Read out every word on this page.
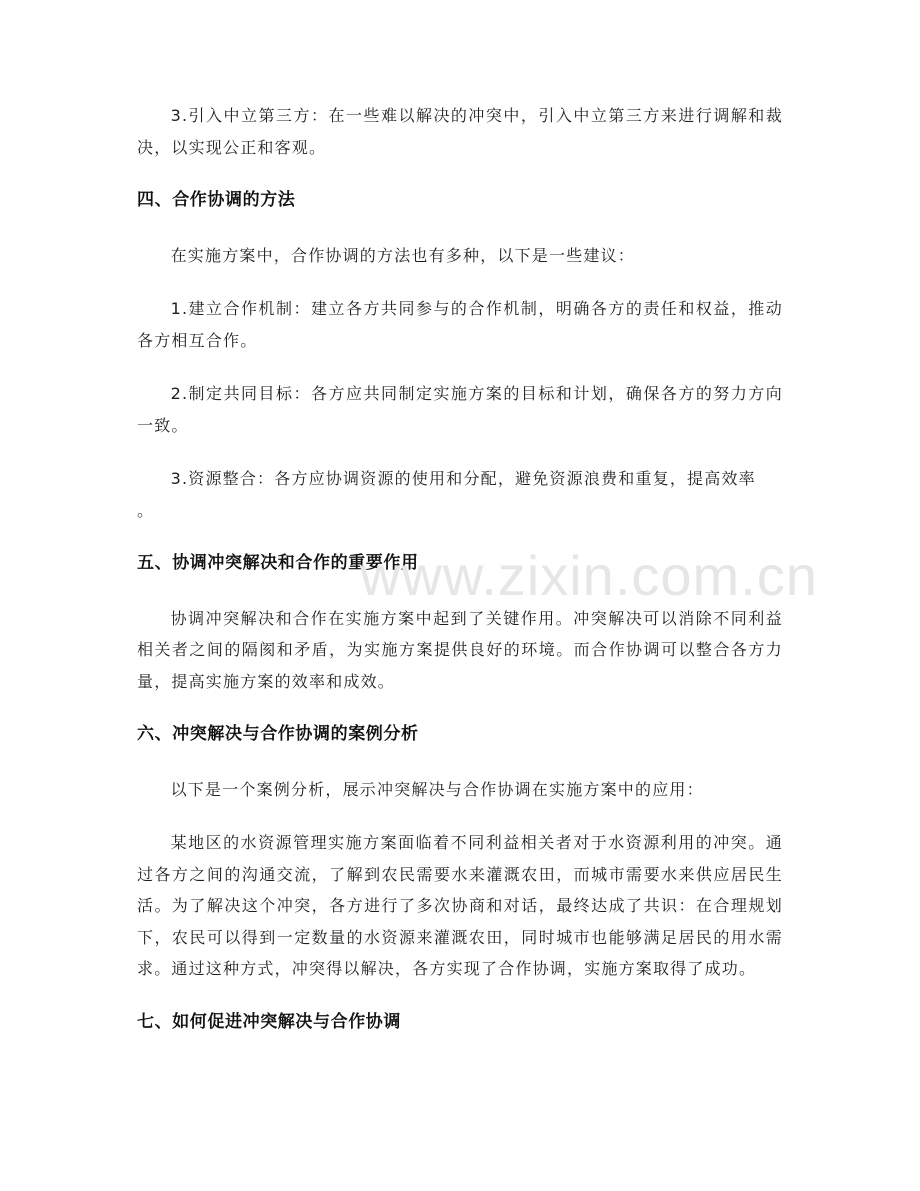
3.引入中立第三方：在一些难以解决的冲突中，引入中立第三方来进行调解和裁决，以实现公正和客观。

四、合作协调的方法

在实施方案中，合作协调的方法也有多种，以下是一些建议：

1.建立合作机制：建立各方共同参与的合作机制，明确各方的责任和权益，推动各方相互合作。

2.制定共同目标：各方应共同制定实施方案的目标和计划，确保各方的努力方向一致。

3.资源整合：各方应协调资源的使用和分配，避免资源浪费和重复，提高效率

。

五、协调冲突解决和合作的重要作用

协调冲突解决和合作在实施方案中起到了关键作用。冲突解决可以消除不同利益相关者之间的隔阂和矛盾，为实施方案提供良好的环境。而合作协调可以整合各方力量，提高实施方案的效率和成效。

六、冲突解决与合作协调的案例分析

以下是一个案例分析，展示冲突解决与合作协调在实施方案中的应用：

某地区的水资源管理实施方案面临着不同利益相关者对于水资源利用的冲突。通过各方之间的沟通交流，了解到农民需要水来灌溉农田，而城市需要水来供应居民生活。为了解决这个冲突，各方进行了多次协商和对话，最终达成了共识：在合理规划下，农民可以得到一定数量的水资源来灌溉农田，同时城市也能够满足居民的用水需求。通过这种方式，冲突得以解决，各方实现了合作协调，实施方案取得了成功。

七、如何促进冲突解决与合作协调
www.zixin.com.cn
